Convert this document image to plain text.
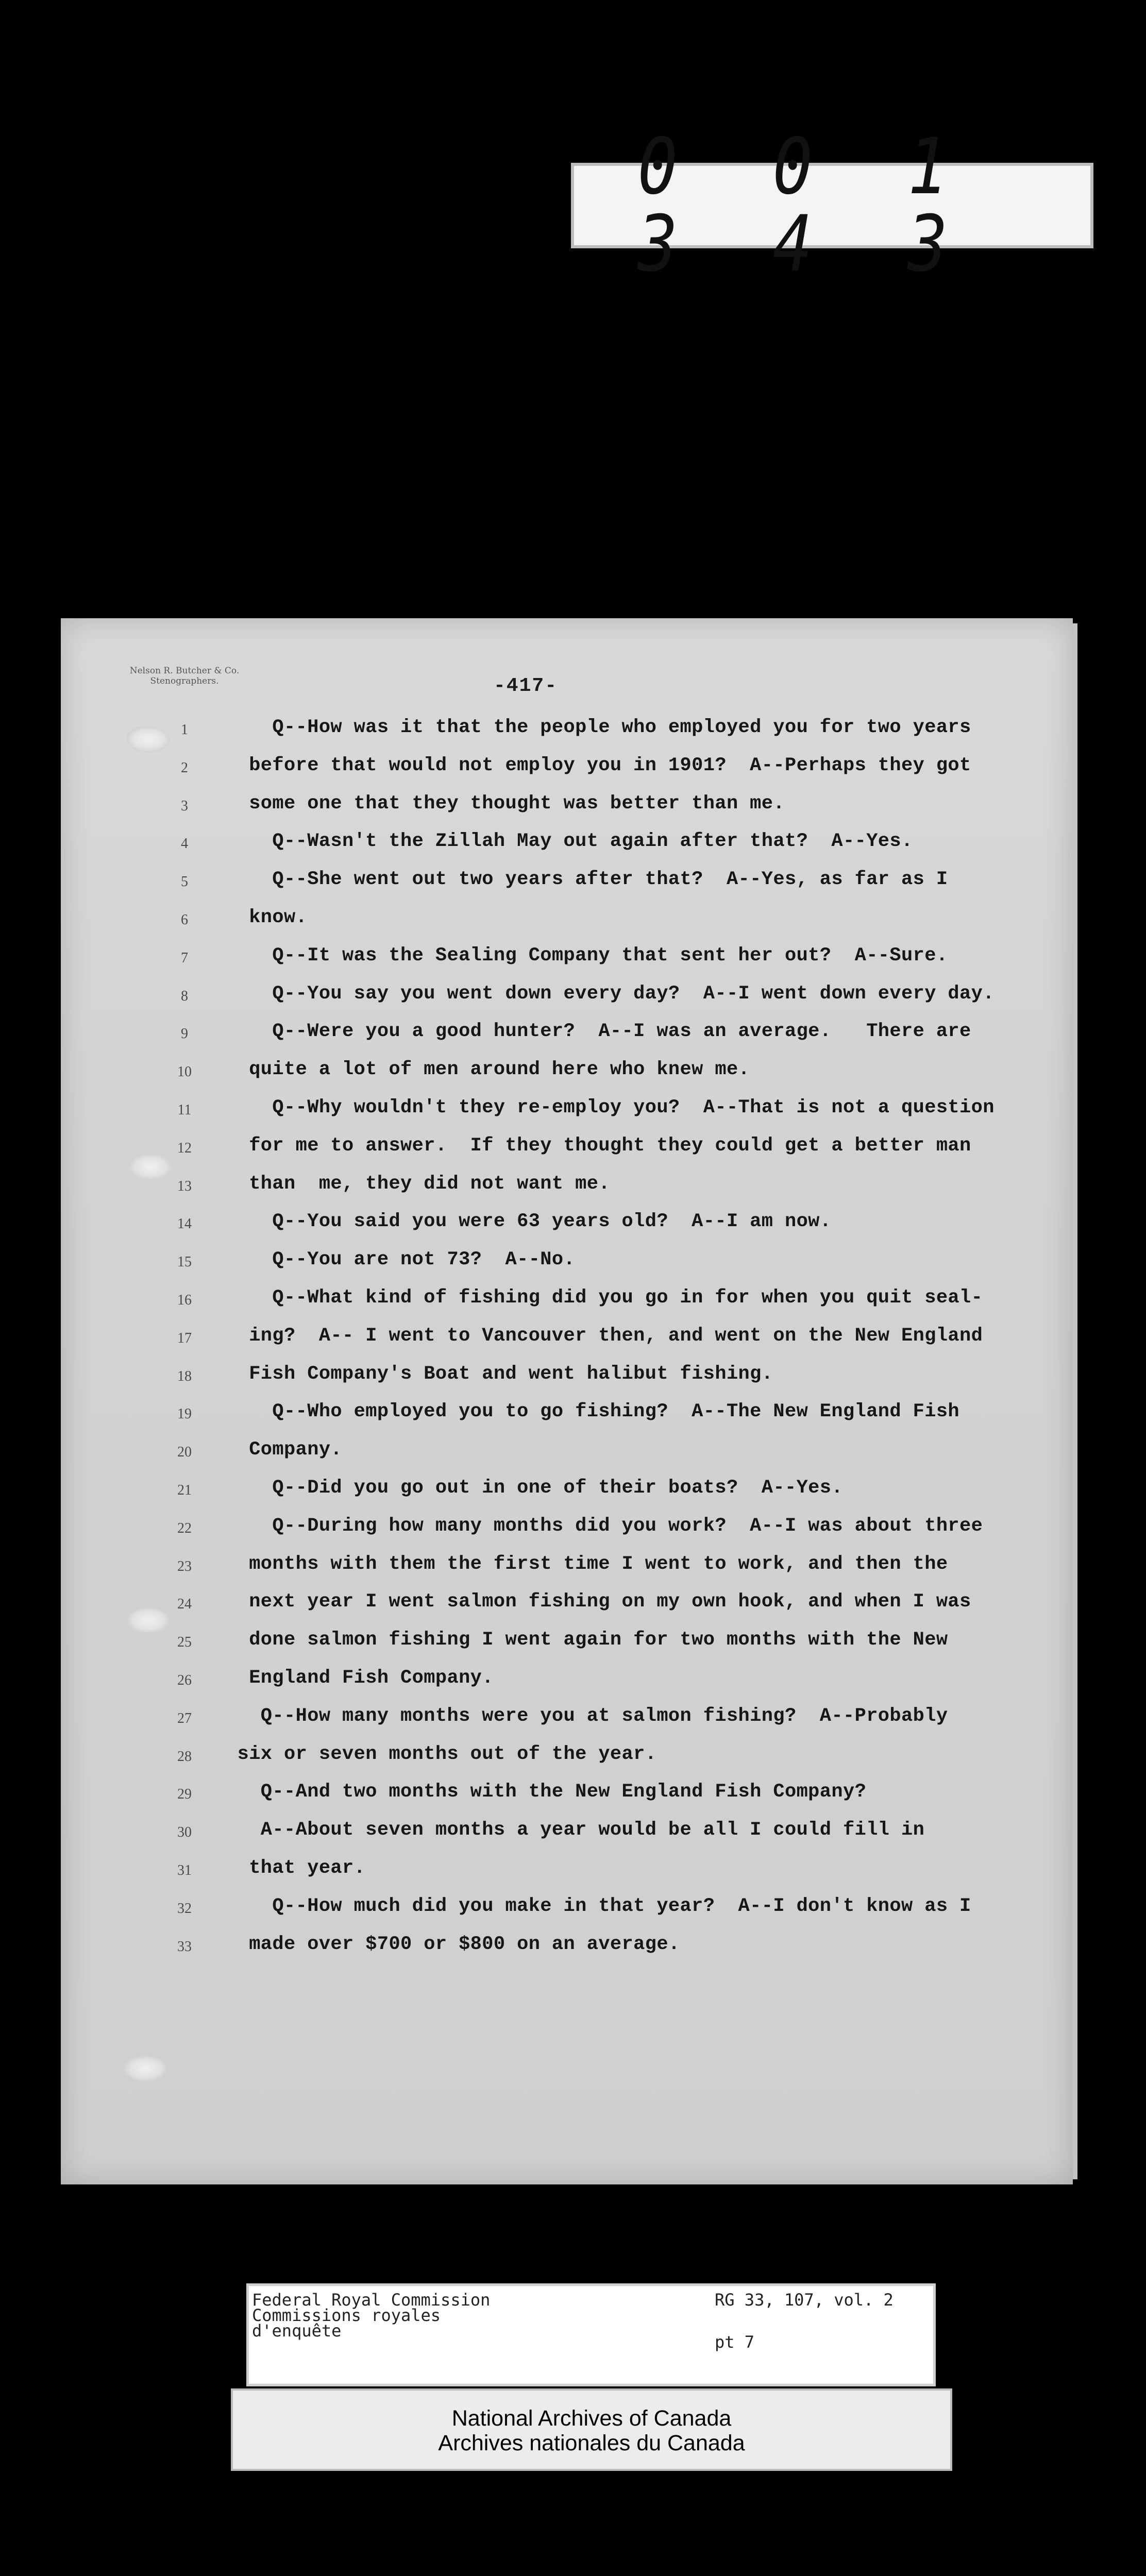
0 0 1 3 4 3
Nelson R. Butcher & Co.
Stenographers.	-417-
1
2
3
4
5
6
7
8
9
10
11
12
13
14
15
16
17
18
19
20
21
22
23
24
25
26
27
28
29
30
31
32
33
Q--How was it that the people who employed you for two years
before that would not employ you in 1901?  A--Perhaps they got
some one that they thought was better than me.
Q--Wasn't the Zillah May out again after that?  A--Yes.
Q--She went out two years after that?  A--Yes, as far as I
know.
Q--It was the Sealing Company that sent her out?  A--Sure.
Q--You say you went down every day?  A--I went down every day.
Q--Were you a good hunter?  A--I was an average.   There are
quite a lot of men around here who knew me.
Q--Why wouldn't they re-employ you?  A--That is not a question
for me to answer.  If they thought they could get a better man
than  me, they did not want me.
Q--You said you were 63 years old?  A--I am now.
Q--You are not 73?  A--No.
Q--What kind of fishing did you go in for when you quit seal-
ing?  A-- I went to Vancouver then, and went on the New England
Fish Company's Boat and went halibut fishing.
Q--Who employed you to go fishing?  A--The New England Fish
Company.
Q--Did you go out in one of their boats?  A--Yes.
Q--During how many months did you work?  A--I was about three
months with them the first time I went to work, and then the
next year I went salmon fishing on my own hook, and when I was
done salmon fishing I went again for two months with the New
England Fish Company.
Q--How many months were you at salmon fishing?  A--Probably
six or seven months out of the year.
Q--And two months with the New England Fish Company?
A--About seven months a year would be all I could fill in
that year.
Q--How much did you make in that year?  A--I don't know as I
made over $700 or $800 on an average.
Federal Royal Commission
Commissions royales
d'enquête
RG 33, 107, vol. 2
pt 7
National Archives of Canada
Archives nationales du Canada
